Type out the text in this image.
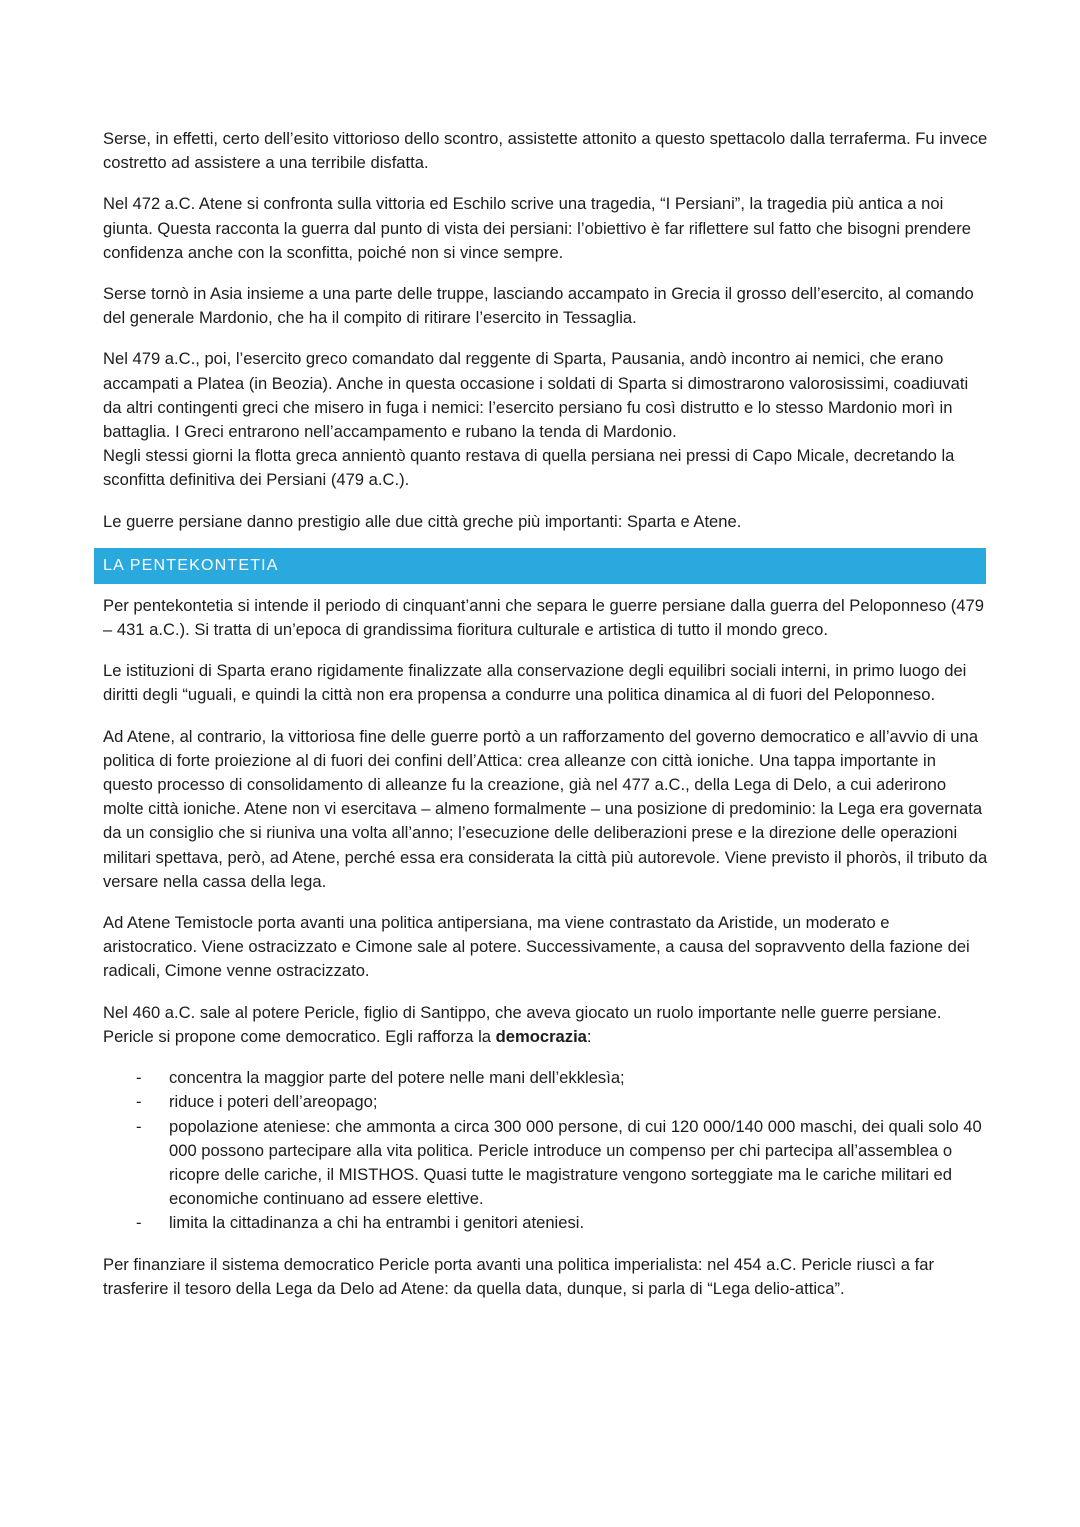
Serse, in effetti, certo dell’esito vittorioso dello scontro, assistette attonito a questo spettacolo dalla terraferma. Fu invece costretto ad assistere a una terribile disfatta.

Nel 472 a.C. Atene si confronta sulla vittoria ed Eschilo scrive una tragedia, “I Persiani”, la tragedia più antica a noi giunta. Questa racconta la guerra dal punto di vista dei persiani: l’obiettivo è far riflettere sul fatto che bisogni prendere confidenza anche con la sconfitta, poiché non si vince sempre.

Serse tornò in Asia insieme a una parte delle truppe, lasciando accampato in Grecia il grosso dell’esercito, al comando del generale Mardonio, che ha il compito di ritirare l’esercito in Tessaglia.

Nel 479 a.C., poi, l’esercito greco comandato dal reggente di Sparta, Pausania, andò incontro ai nemici, che erano accampati a Platea (in Beozia). Anche in questa occasione i soldati di Sparta si dimostrarono valorosissimi, coadiuvati da altri contingenti greci che misero in fuga i nemici: l’esercito persiano fu così distrutto e lo stesso Mardonio morì in battaglia. I Greci entrarono nell’accampamento e rubano la tenda di Mardonio.

Negli stessi giorni la flotta greca annientò quanto restava di quella persiana nei pressi di Capo Micale, decretando la sconfitta definitiva dei Persiani (479 a.C.).

Le guerre persiane danno prestigio alle due città greche più importanti: Sparta e Atene.

LA PENTEKONTETIA

Per pentekontetia si intende il periodo di cinquant’anni che separa le guerre persiane dalla guerra del Peloponneso (479 – 431 a.C.). Si tratta di un’epoca di grandissima fioritura culturale e artistica di tutto il mondo greco.

Le istituzioni di Sparta erano rigidamente finalizzate alla conservazione degli equilibri sociali interni, in primo luogo dei diritti degli “uguali, e quindi la città non era propensa a condurre una politica dinamica al di fuori del Peloponneso.

Ad Atene, al contrario, la vittoriosa fine delle guerre portò a un rafforzamento del governo democratico e all’avvio di una politica di forte proiezione al di fuori dei confini dell’Attica: crea alleanze con città ioniche. Una tappa importante in questo processo di consolidamento di alleanze fu la creazione, già nel 477 a.C., della Lega di Delo, a cui aderirono molte città ioniche. Atene non vi esercitava – almeno formalmente – una posizione di predominio: la Lega era governata da un consiglio che si riuniva una volta all’anno; l’esecuzione delle deliberazioni prese e la direzione delle operazioni militari spettava, però, ad Atene, perché essa era considerata la città più autorevole. Viene previsto il phoròs, il tributo da versare nella cassa della lega.

Ad Atene Temistocle porta avanti una politica antipersiana, ma viene contrastato da Aristide, un moderato e aristocratico. Viene ostracizzato e Cimone sale al potere. Successivamente, a causa del sopravvento della fazione dei radicali, Cimone venne ostracizzato.

Nel 460 a.C. sale al potere Pericle, figlio di Santippo, che aveva giocato un ruolo importante nelle guerre persiane. Pericle si propone come democratico. Egli rafforza la democrazia:

- concentra la maggior parte del potere nelle mani dell’ekklesìa;
- riduce i poteri dell’areopago;
- popolazione ateniese: che ammonta a circa 300 000 persone, di cui 120 000/140 000 maschi, dei quali solo 40 000 possono partecipare alla vita politica. Pericle introduce un compenso per chi partecipa all’assemblea o ricopre delle cariche, il MISTHOS. Quasi tutte le magistrature vengono sorteggiate ma le cariche militari ed economiche continuano ad essere elettive.
- limita la cittadinanza a chi ha entrambi i genitori ateniesi.

Per finanziare il sistema democratico Pericle porta avanti una politica imperialista: nel 454 a.C. Pericle riuscì a far trasferire il tesoro della Lega da Delo ad Atene: da quella data, dunque, si parla di “Lega delio-attica”.
